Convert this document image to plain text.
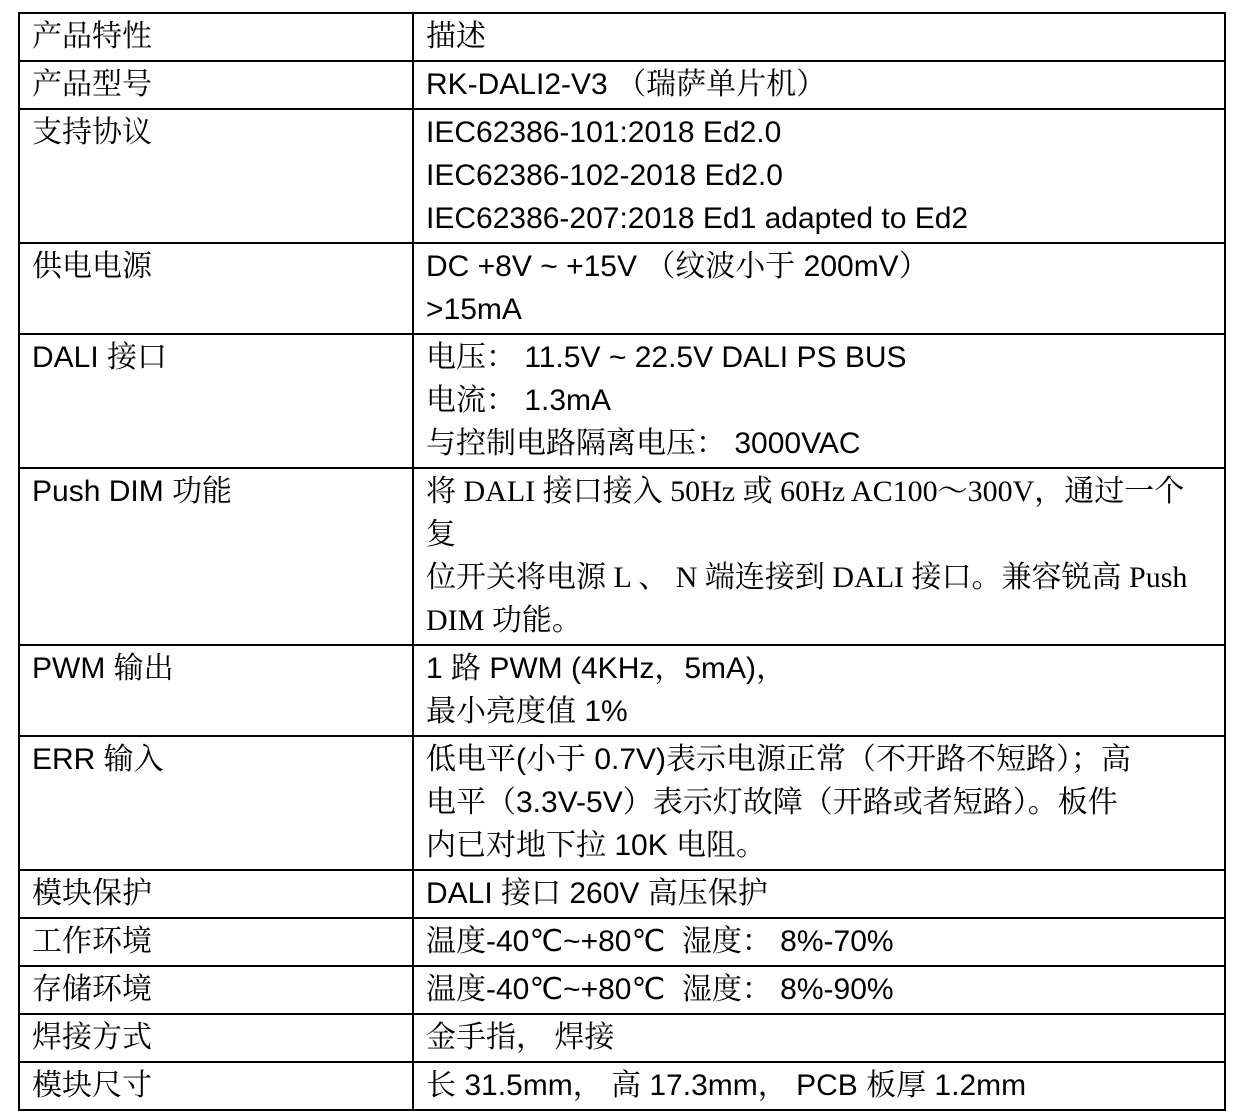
产品特性	描述
产品型号	RK-DALI2-V3 （瑞萨单片机）

支持协议	IEC62386-101:2018 Ed2.0
IEC62386-102-2018 Ed2.0
IEC62386-207:2018 Ed1 adapted to Ed2

供电电源	DC +8V ~ +15V （纹波小于 200mV）
>15mA

DALI 接口	电压： 11.5V ~ 22.5V DALI PS BUS
电流： 1.3mA
与控制电路隔离电压： 3000VAC

Push DIM 功能	将 DALI 接口接入 50Hz 或 60Hz AC100～300V，通过一个复
位开关将电源 L 、 N 端连接到 DALI 接口。兼容锐高 Push
DIM 功能。

PWM 输出	1 路 PWM (4KHz，5mA)，
最小亮度值 1%

ERR 输入	低电平(小于 0.7V)表示电源正常（不开路不短路）；高
电平（3.3V-5V）表示灯故障（开路或者短路）。板件
内已对地下拉 10K 电阻。

模块保护	DALI 接口 260V 高压保护

工作环境	温度-40℃~+80℃  湿度： 8%-70%

存储环境	温度-40℃~+80℃  湿度： 8%-90%

焊接方式	金手指， 焊接

模块尺寸	长 31.5mm， 高 17.3mm， PCB 板厚 1.2mm
